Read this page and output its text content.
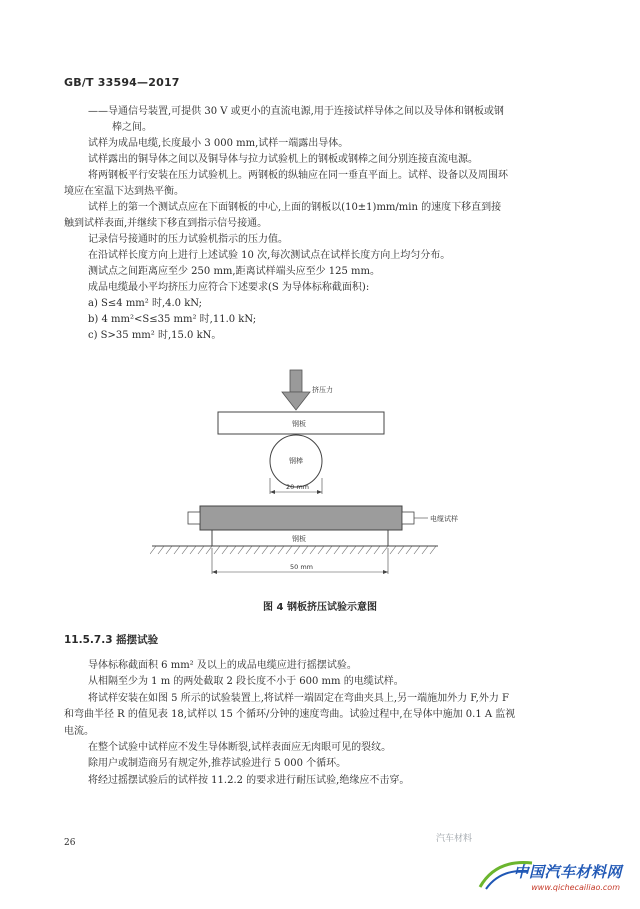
GB/T 33594—2017

——导通信号装置,可提供 30 V 或更小的直流电源,用于连接试样导体之间以及导体和钢板或钢

棒之间。

试样为成品电缆,长度最小 3 000 mm,试样一端露出导体。

试样露出的铜导体之间以及铜导体与拉力试验机上的钢板或钢棒之间分别连接直流电源。

将两钢板平行安装在压力试验机上。两钢板的纵轴应在同一垂直平面上。试样、设备以及周围环

境应在室温下达到热平衡。

试样上的第一个测试点应在下面钢板的中心,上面的钢板以(10±1)mm/min 的速度下移直到接

触到试样表面,并继续下移直到指示信号接通。

记录信号接通时的压力试验机指示的压力值。

在沿试样长度方向上进行上述试验 10 次,每次测试点在试样长度方向上均匀分布。

测试点之间距离应至少 250 mm,距离试样端头应至少 125 mm。

成品电缆最小平均挤压力应符合下述要求(S 为导体标称截面积):

a) S≤4 mm² 时,4.0 kN;

b) 4 mm²<S≤35 mm² 时,11.0 kN;

c) S>35 mm² 时,15.0 kN。

挤压力
钢板
钢棒
20 mm
电缆试样
钢板
50 mm
图 4 钢板挤压试验示意图
11.5.7.3 摇摆试验

导体标称截面积 6 mm² 及以上的成品电缆应进行摇摆试验。

从相隔至少为 1 m 的两处截取 2 段长度不小于 600 mm 的电缆试样。

将试样安装在如图 5 所示的试验装置上,将试样一端固定在弯曲夹具上,另一端施加外力 F,外力 F

和弯曲半径 R 的值见表 18,试样以 15 个循环/分钟的速度弯曲。试验过程中,在导体中施加 0.1 A 监视

电流。

在整个试验中试样应不发生导体断裂,试样表面应无肉眼可见的裂纹。

除用户或制造商另有规定外,推荐试验进行 5 000 个循环。

将经过摇摆试验后的试样按 11.2.2 的要求进行耐压试验,绝缘应不击穿。

26	汽车材料
中国汽车材料网
www.qichecailiao.com
